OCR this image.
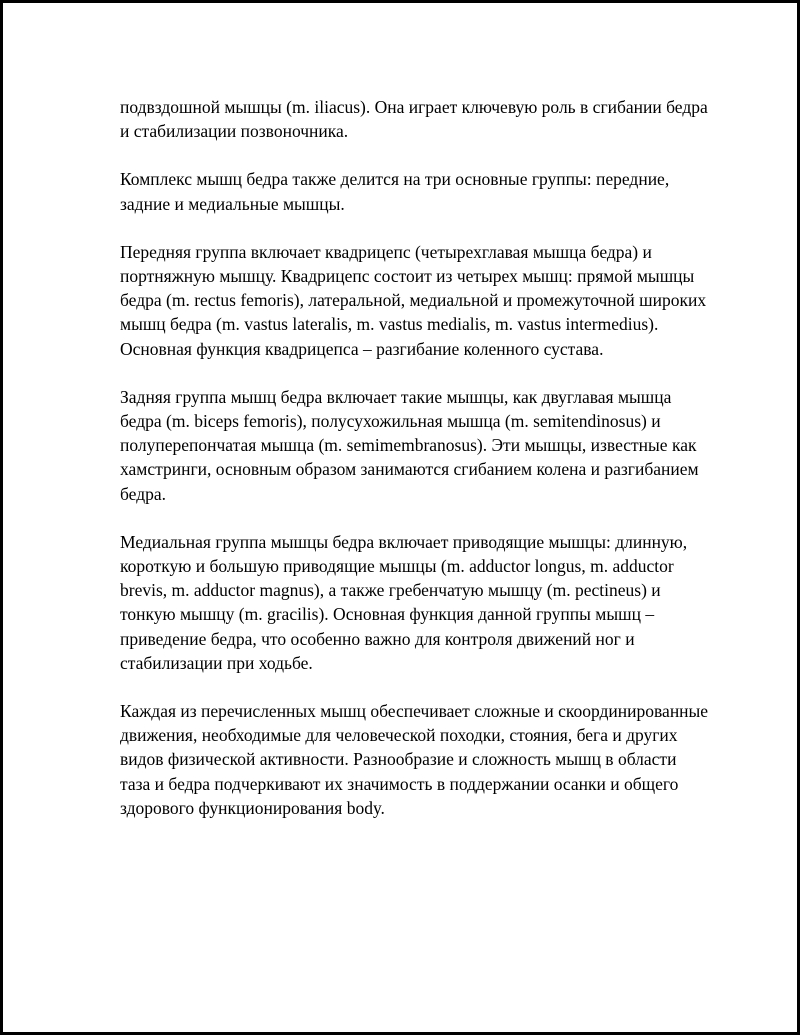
подвздошной мышцы (m. iliacus). Она играет ключевую роль в сгибании бедра и стабилизации позвоночника.

Комплекс мышц бедра также делится на три основные группы: передние, задние и медиальные мышцы.

Передняя группа включает квадрицепс (четырехглавая мышца бедра) и портняжную мышцу. Квадрицепс состоит из четырех мышц: прямой мышцы бедра (m. rectus femoris), латеральной, медиальной и промежуточной широких мышц бедра (m. vastus lateralis, m. vastus medialis, m. vastus intermedius). Основная функция квадрицепса – разгибание коленного сустава.

Задняя группа мышц бедра включает такие мышцы, как двуглавая мышца бедра (m. biceps femoris), полусухожильная мышца (m. semitendinosus) и полуперепончатая мышца (m. semimembranosus). Эти мышцы, известные как хамстринги, основным образом занимаются сгибанием колена и разгибанием бедра.

Медиальная группа мышцы бедра включает приводящие мышцы: длинную, короткую и большую приводящие мышцы (m. adductor longus, m. adductor brevis, m. adductor magnus), а также гребенчатую мышцу (m. pectineus) и тонкую мышцу (m. gracilis). Основная функция данной группы мышц – приведение бедра, что особенно важно для контроля движений ног и стабилизации при ходьбе.

Каждая из перечисленных мышц обеспечивает сложные и скоординированные движения, необходимые для человеческой походки, стояния, бега и других видов физической активности. Разнообразие и сложность мышц в области таза и бедра подчеркивают их значимость в поддержании осанки и общего здорового функционирования body.
